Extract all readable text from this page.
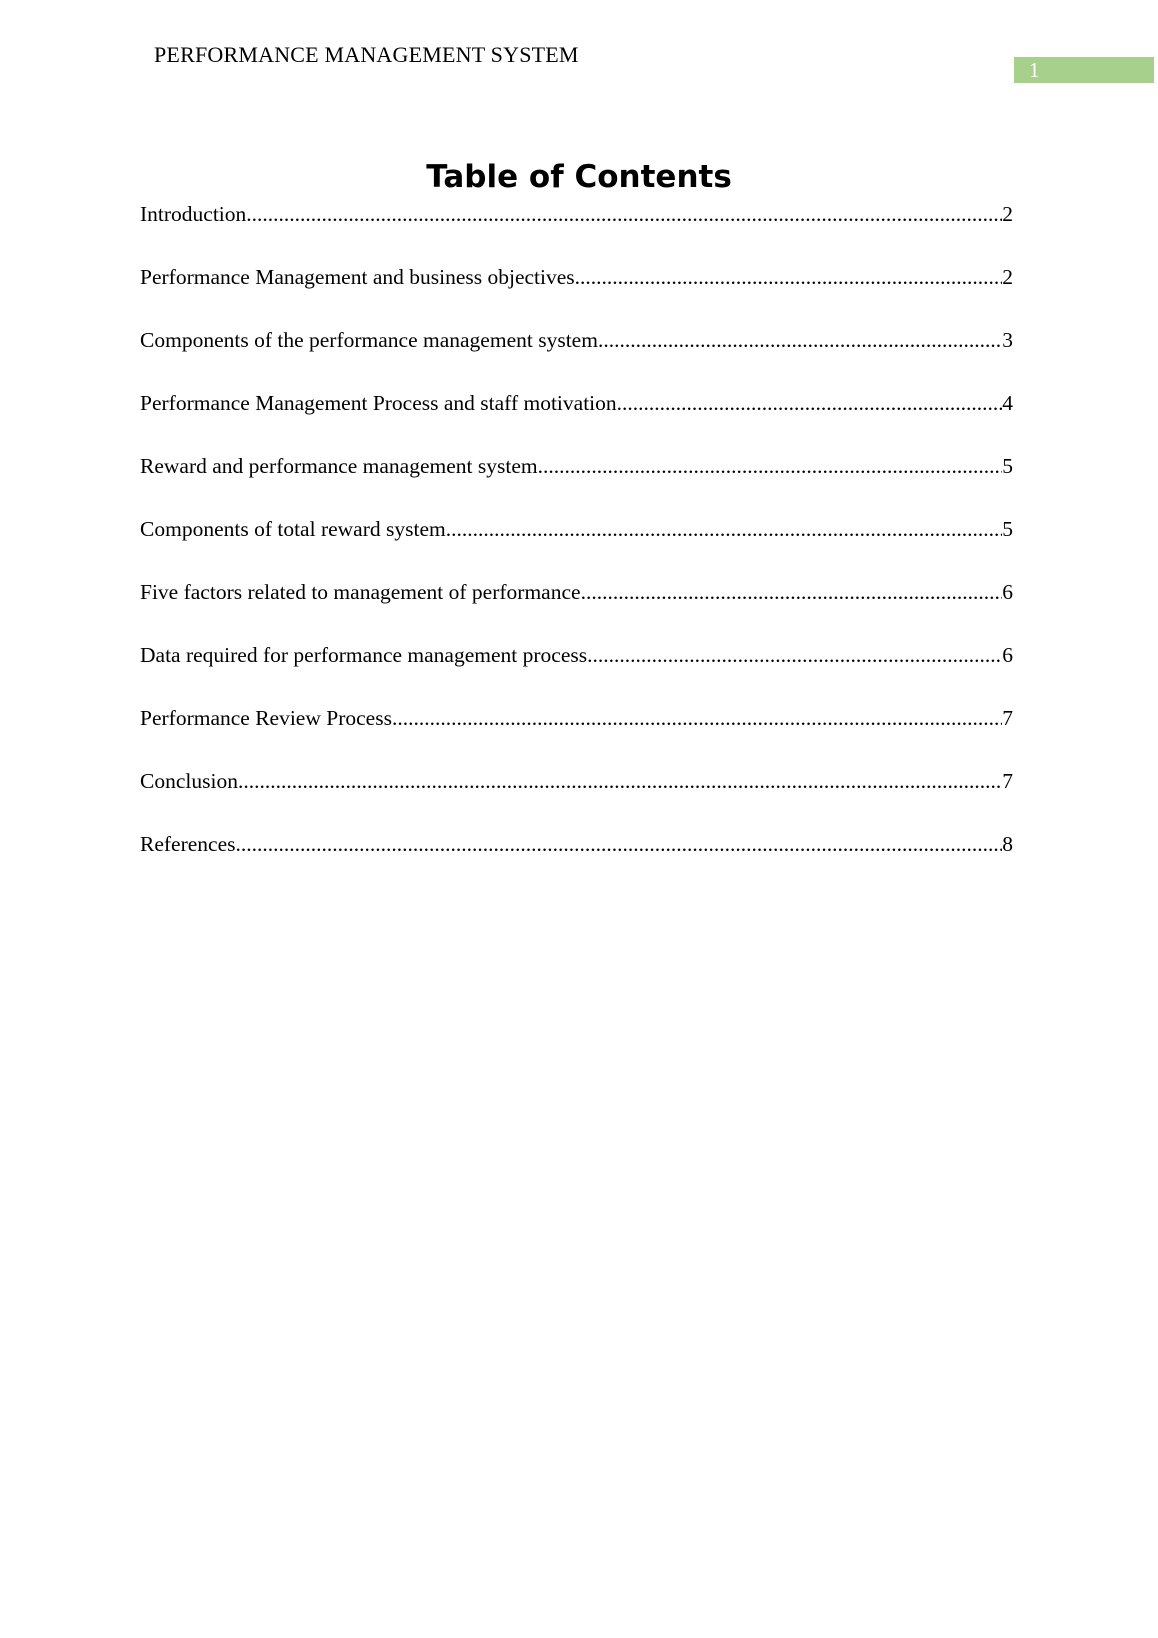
PERFORMANCE MANAGEMENT SYSTEM
1
Table of Contents
Introduction .....	2
Performance Management and business objectives .....	2
Components of the performance management system .....	3
Performance Management Process and staff motivation .....	4
Reward and performance management system .....	5
Components of total reward system .....	5
Five factors related to management of performance .....	6
Data required for performance management process .....	6
Performance Review Process .....	7
Conclusion .....	7
References .....	8
